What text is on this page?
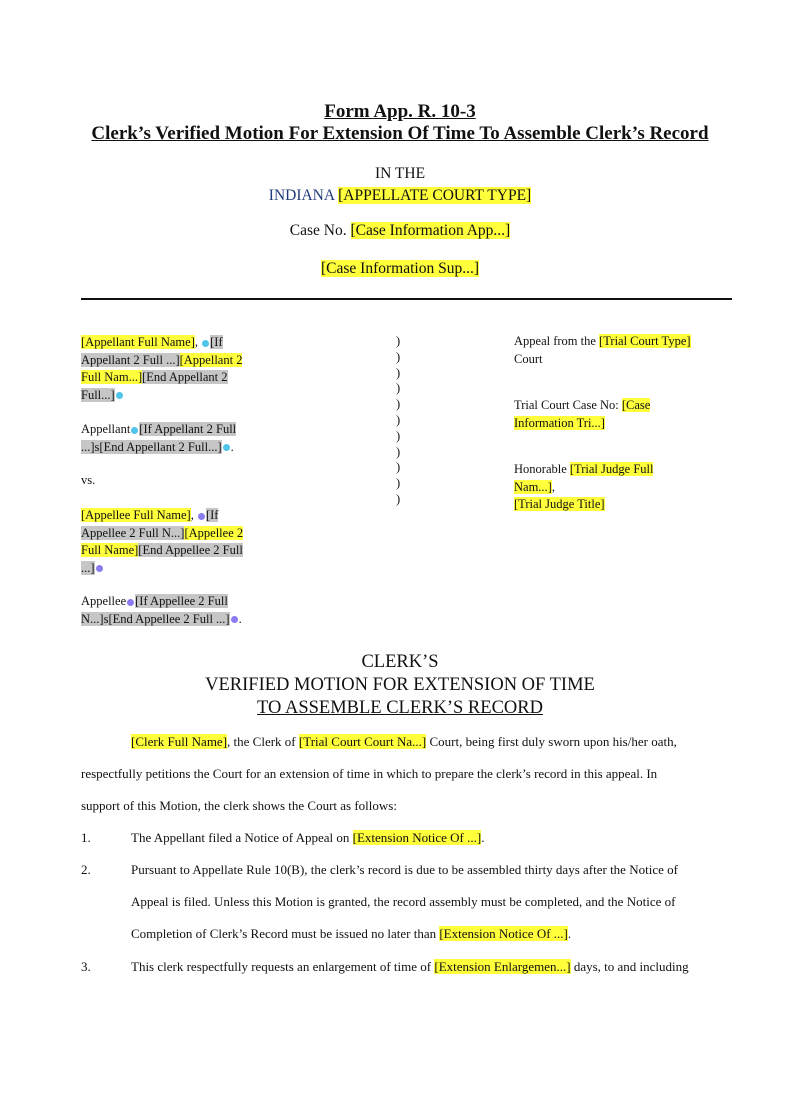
Form App. R. 10-3
Clerk’s Verified Motion For Extension Of Time To Assemble Clerk’s Record
IN THE
INDIANA [APPELLATE COURT TYPE]
Case No. [Case Information App...]
[Case Information Sup...]
[Appellant Full Name], [If
Appellant 2 Full ...][Appellant 2
Full Nam...][End Appellant 2
Full...]
Appellant [If Appellant 2 Full
...]s[End Appellant 2 Full...] .
vs.
[Appellee Full Name], [If
Appellee 2 Full N...][Appellee 2
Full Name][End Appellee 2 Full
...]
Appellee [If Appellee 2 Full
N...]s[End Appellee 2 Full ...] .
)
)
)
)
)
)
)
)
)
)
)
Appeal from the [Trial Court Type]
Court
Trial Court Case No: [Case
Information Tri...]
Honorable [Trial Judge Full
Nam...],
[Trial Judge Title]
CLERK’S
VERIFIED MOTION FOR EXTENSION OF TIME
TO ASSEMBLE CLERK’S RECORD
[Clerk Full Name], the Clerk of [Trial Court Court Na...] Court, being first duly sworn upon his/her oath,
respectfully petitions the Court for an extension of time in which to prepare the clerk’s record in this appeal. In
support of this Motion, the clerk shows the Court as follows:
1.	The Appellant filed a Notice of Appeal on [Extension Notice Of ...].
2.	Pursuant to Appellate Rule 10(B), the clerk’s record is due to be assembled thirty days after the Notice of
Appeal is filed. Unless this Motion is granted, the record assembly must be completed, and the Notice of
Completion of Clerk’s Record must be issued no later than [Extension Notice Of ...].
3.	This clerk respectfully requests an enlargement of time of [Extension Enlargemen...] days, to and including
